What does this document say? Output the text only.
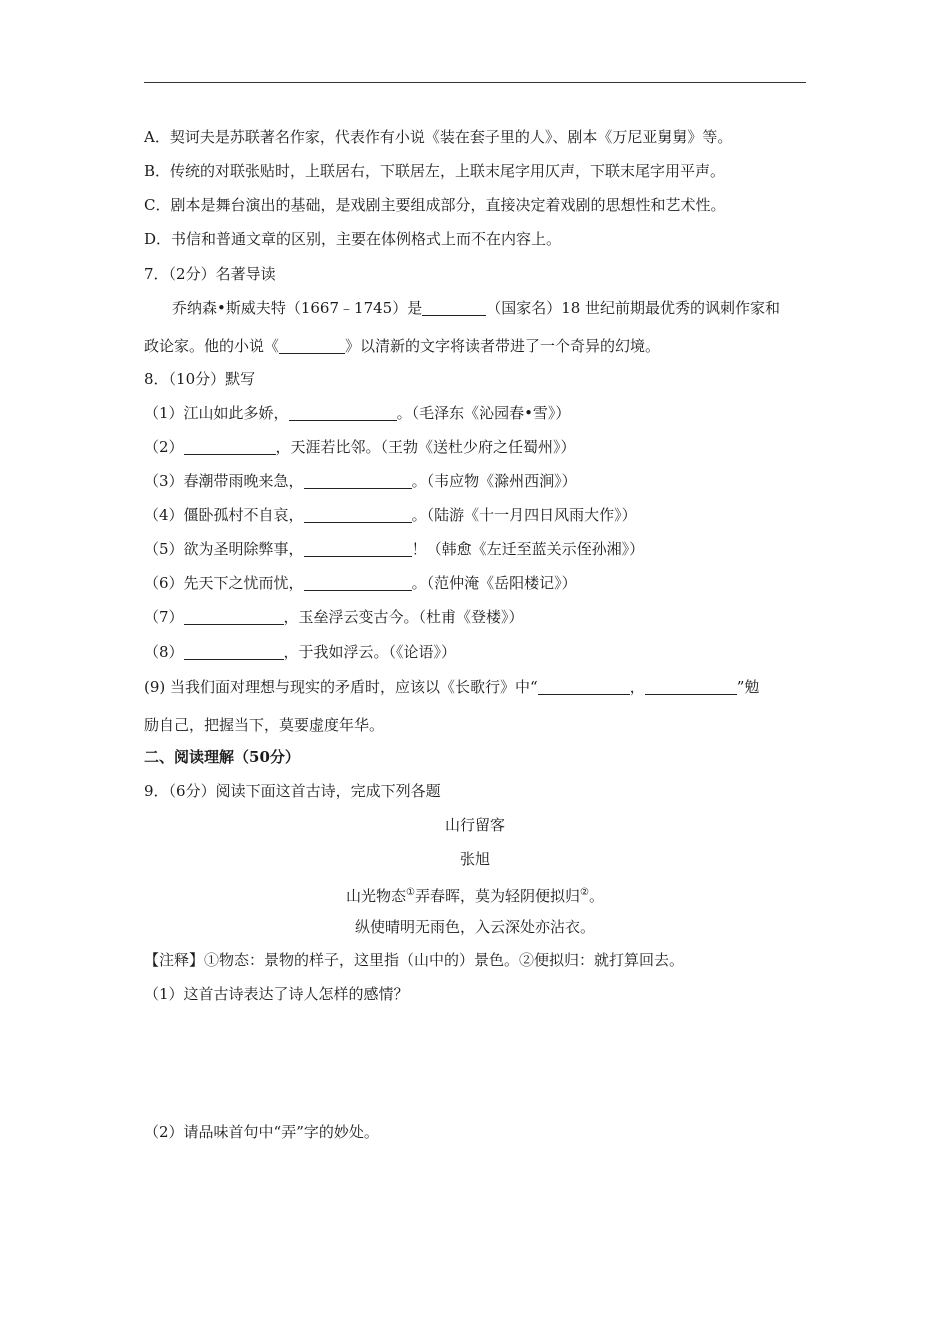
A．契诃夫是苏联著名作家，代表作有小说《装在套子里的人》、剧本《万尼亚舅舅》等。
B．传统的对联张贴时，上联居右，下联居左，上联末尾字用仄声，下联末尾字用平声。
C．剧本是舞台演出的基础，是戏剧主要组成部分，直接决定着戏剧的思想性和艺术性。
D．书信和普通文章的区别，主要在体例格式上而不在内容上。
7．（2分）名著导读
乔纳森•斯威夫特（1667﹣1745）是	（国家名）18 世纪前期最优秀的讽刺作家和
政论家。他的小说《	》以清新的文字将读者带进了一个奇异的幻境。
8．（10分）默写
（1）江山如此多娇，	。（毛泽东《沁园春•雪》）
（2）	，天涯若比邻。（王勃《送杜少府之任蜀州》）
（3）春潮带雨晚来急，	。（韦应物《滁州西涧》）
（4）僵卧孤村不自哀，	。（陆游《十一月四日风雨大作》）
（5）欲为圣明除弊事，	！（韩愈《左迁至蓝关示侄孙湘》）
（6）先天下之忧而忧，	。（范仲淹《岳阳楼记》）
（7）	，玉垒浮云变古今。（杜甫《登楼》）
（8）	，于我如浮云。（《论语》）
(9) 当我们面对理想与现实的矛盾时，应该以《长歌行》中“	，	”勉
励自己，把握当下，莫要虚度年华。
二、阅读理解（50分）
9．（6分）阅读下面这首古诗，完成下列各题
山行留客
张旭
山光物态①弄春晖，莫为轻阴便拟归②。
纵使晴明无雨色，入云深处亦沾衣。
【注释】①物态：景物的样子，这里指（山中的）景色。②便拟归：就打算回去。
（1）这首古诗表达了诗人怎样的感情？
（2）请品味首句中“弄”字的妙处。
